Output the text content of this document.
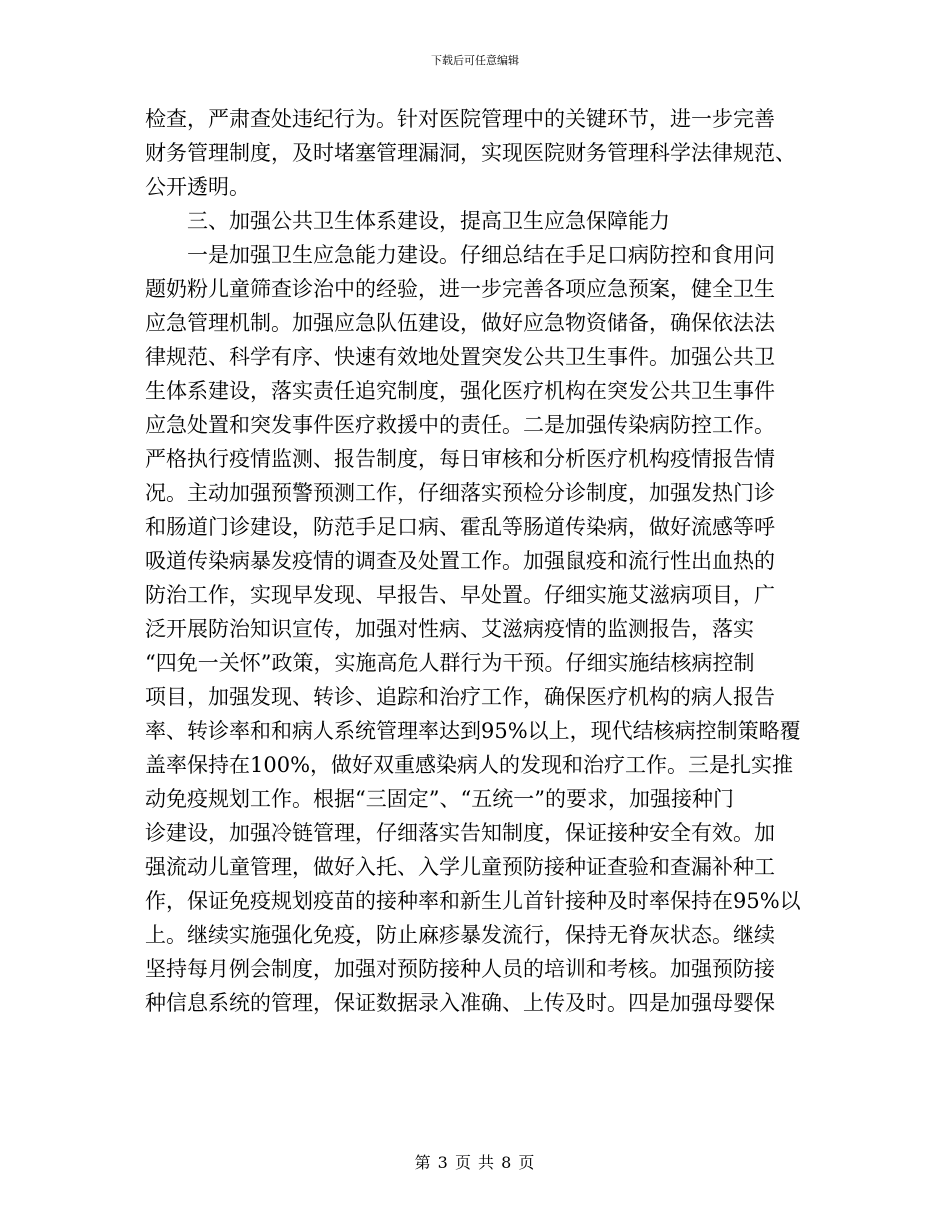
下载后可任意编辑
检查，严肃查处违纪行为。针对医院管理中的关键环节，进一步完善
财务管理制度，及时堵塞管理漏洞，实现医院财务管理科学法律规范、
公开透明。
　　三、加强公共卫生体系建设，提高卫生应急保障能力
　　一是加强卫生应急能力建设。仔细总结在手足口病防控和食用问
题奶粉儿童筛查诊治中的经验，进一步完善各项应急预案，健全卫生
应急管理机制。加强应急队伍建设，做好应急物资储备，确保依法法
律规范、科学有序、快速有效地处置突发公共卫生事件。加强公共卫
生体系建设，落实责任追究制度，强化医疗机构在突发公共卫生事件
应急处置和突发事件医疗救援中的责任。二是加强传染病防控工作。
严格执行疫情监测、报告制度，每日审核和分析医疗机构疫情报告情
况。主动加强预警预测工作，仔细落实预检分诊制度，加强发热门诊
和肠道门诊建设，防范手足口病、霍乱等肠道传染病，做好流感等呼
吸道传染病暴发疫情的调查及处置工作。加强鼠疫和流行性出血热的
防治工作，实现早发现、早报告、早处置。仔细实施艾滋病项目，广
泛开展防治知识宣传，加强对性病、艾滋病疫情的监测报告，落实
“四免一关怀”政策，实施高危人群行为干预。仔细实施结核病控制
项目，加强发现、转诊、追踪和治疗工作，确保医疗机构的病人报告
率、转诊率和和病人系统管理率达到95%以上，现代结核病控制策略覆
盖率保持在100%，做好双重感染病人的发现和治疗工作。三是扎实推
动免疫规划工作。根据“三固定”、“五统一”的要求，加强接种门
诊建设，加强冷链管理，仔细落实告知制度，保证接种安全有效。加
强流动儿童管理，做好入托、入学儿童预防接种证查验和查漏补种工
作，保证免疫规划疫苗的接种率和新生儿首针接种及时率保持在95%以
上。继续实施强化免疫，防止麻疹暴发流行，保持无脊灰状态。继续
坚持每月例会制度，加强对预防接种人员的培训和考核。加强预防接
种信息系统的管理，保证数据录入准确、上传及时。四是加强母婴保
第 3 页 共 8 页
